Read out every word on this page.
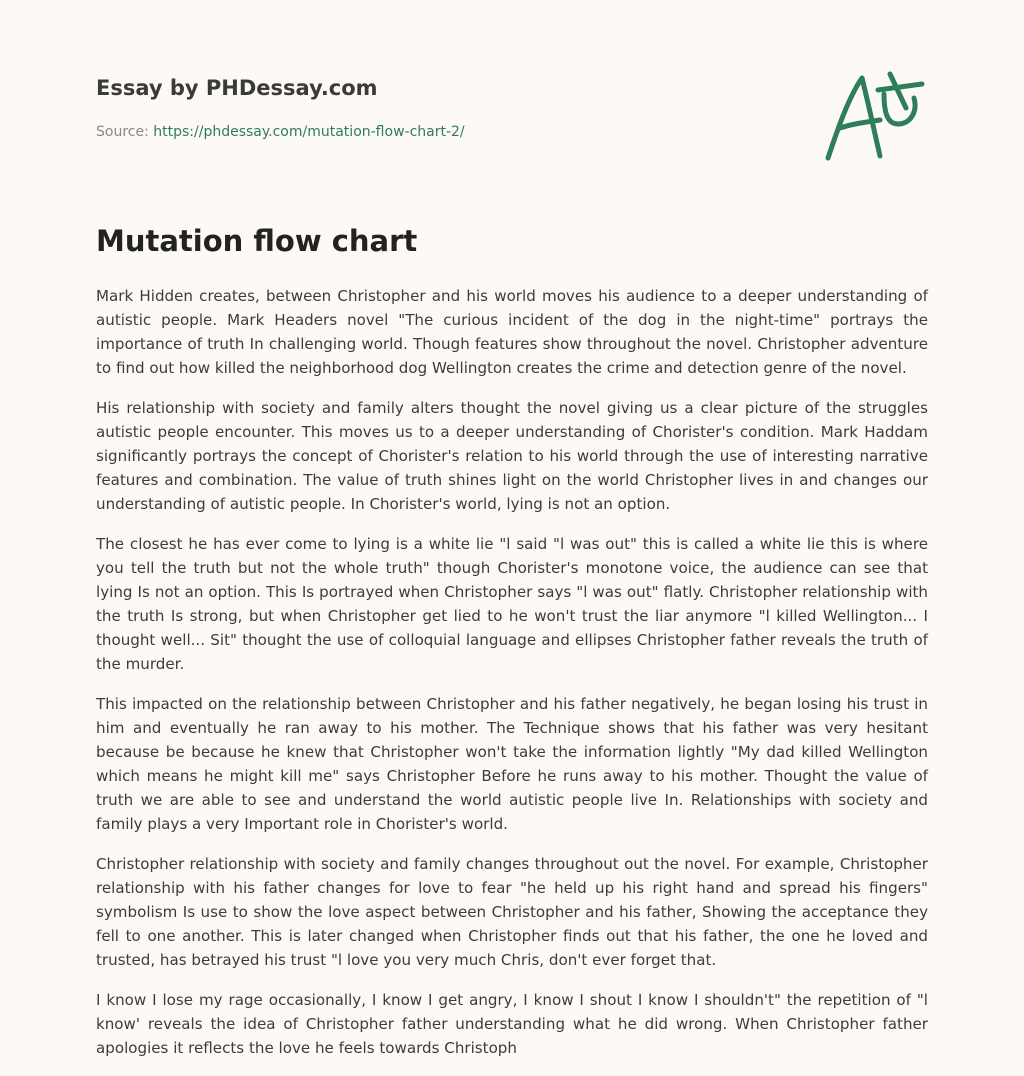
Essay by PHDessay.com
Source: https://phdessay.com/mutation-flow-chart-2/
Mutation flow chart

Mark Hidden creates, between Christopher and his world moves his audience to a deeper understanding of autistic people. Mark Headers novel "The curious incident of the dog in the night-time" portrays the importance of truth In challenging world. Though features show throughout the novel. Christopher adventure to find out how killed the neighborhood dog Wellington creates the crime and detection genre of the novel.

His relationship with society and family alters thought the novel giving us a clear picture of the struggles autistic people encounter. This moves us to a deeper understanding of Chorister's condition. Mark Haddam significantly portrays the concept of Chorister's relation to his world through the use of interesting narrative features and combination. The value of truth shines light on the world Christopher lives in and changes our understanding of autistic people. In Chorister's world, lying is not an option.

The closest he has ever come to lying is a white lie "l said "l was out" this is called a white lie this is where you tell the truth but not the whole truth" though Chorister's monotone voice, the audience can see that lying Is not an option. This Is portrayed when Christopher says "l was out" flatly. Christopher relationship with the truth Is strong, but when Christopher get lied to he won't trust the liar anymore "l killed Wellington... I thought well... Sit" thought the use of colloquial language and ellipses Christopher father reveals the truth of the murder.

This impacted on the relationship between Christopher and his father negatively, he began losing his trust in him and eventually he ran away to his mother. The Technique shows that his father was very hesitant because be because he knew that Christopher won't take the information lightly "My dad killed Wellington which means he might kill me" says Christopher Before he runs away to his mother. Thought the value of truth we are able to see and understand the world autistic people live In. Relationships with society and family plays a very Important role in Chorister's world.

Christopher relationship with society and family changes throughout out the novel. For example, Christopher relationship with his father changes for love to fear "he held up his right hand and spread his fingers" symbolism Is use to show the love aspect between Christopher and his father, Showing the acceptance they fell to one another. This is later changed when Christopher finds out that his father, the one he loved and trusted, has betrayed his trust "l love you very much Chris, don't ever forget that.

I know I lose my rage occasionally, I know I get angry, I know I shout I know I shouldn't" the repetition of "l know' reveals the idea of Christopher father understanding what he did wrong. When Christopher father apologies it reflects the love he feels towards Christoph
